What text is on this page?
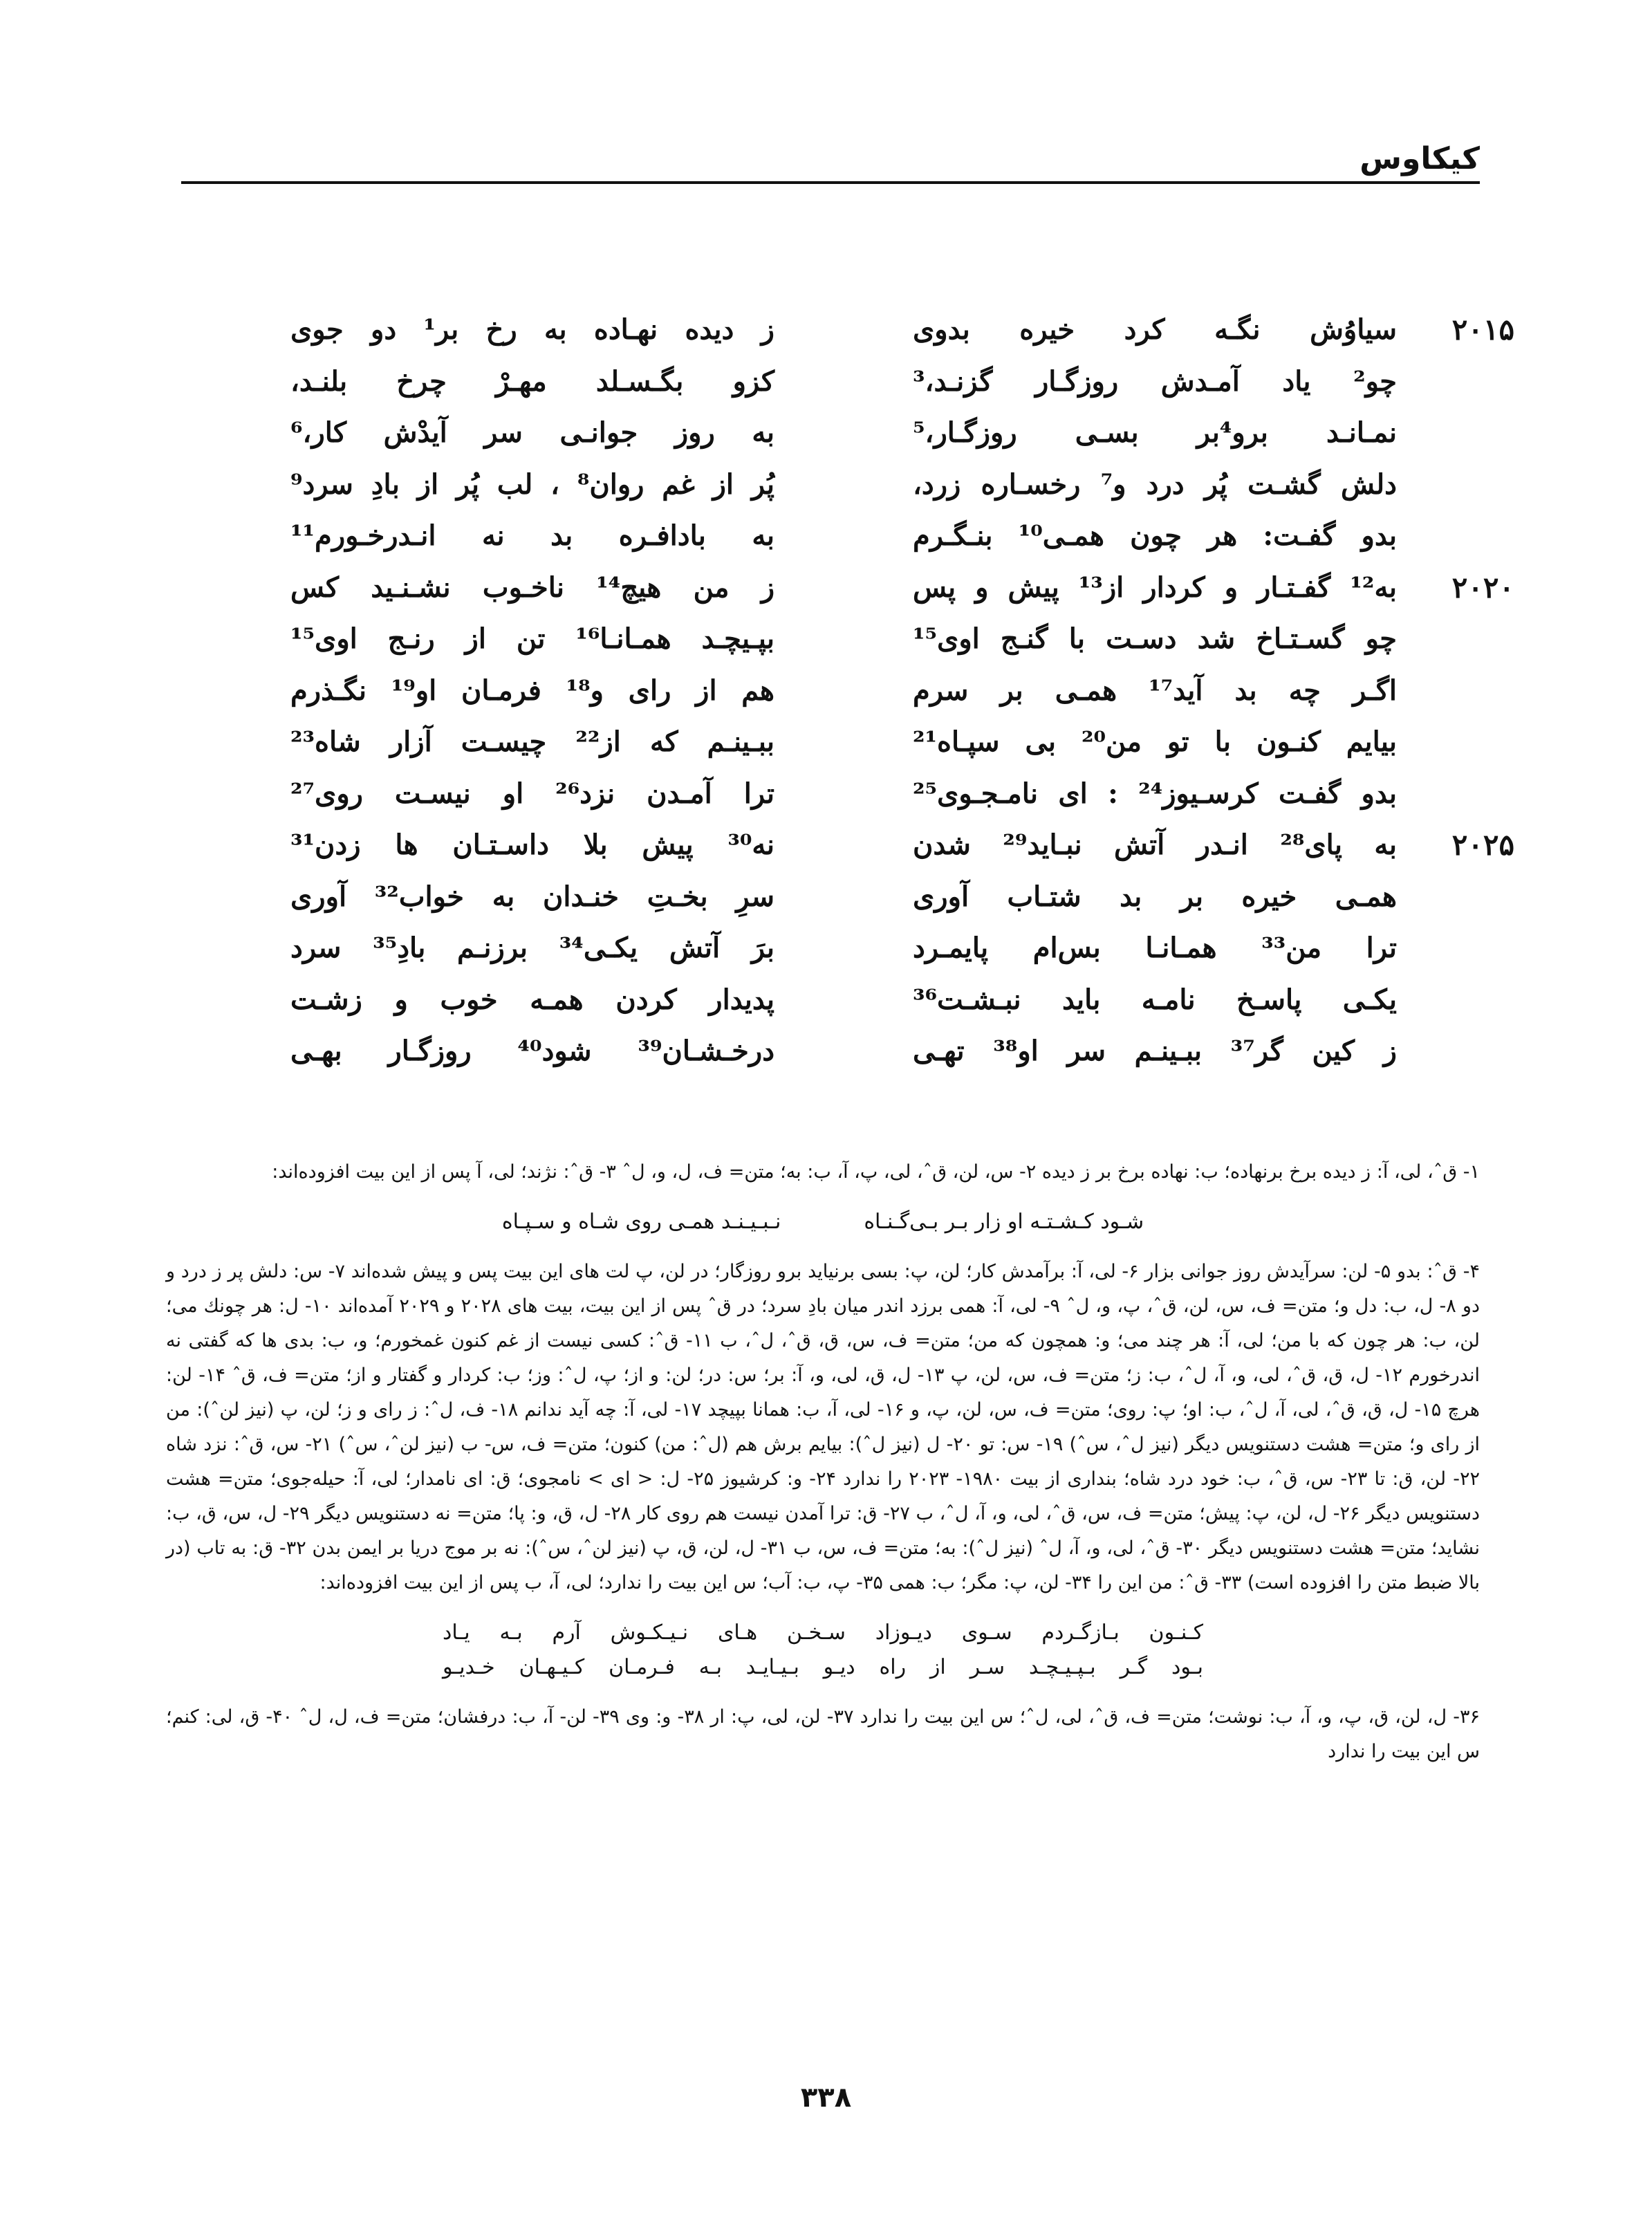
کیکاوس
۲۰۱۵
سیاوُش نگـه کرد خیره بدوی
چو² یاد آمـدش روزگـار گزنـد،³
نمـانـد برو⁴بر بسـی روزگـار،⁵
دلش گشـت پُر درد و⁷ رخسـاره زرد،
بدو گفـت: هر چون همـی¹⁰ بنـگـرم
۲۰۲۰
به¹² گفـتـار و کردار از¹³ پیش و پس
چو گسـتـاخ شد دسـت با گنـج اوی¹⁵
اگـر چه بد آید¹⁷ همـی بر سرم
بیایم کنـون با تو من²⁰ بی سپـاه²¹
بدو گفـت کرسـیوز²⁴ : ای نامـجـوی²⁵
۲۰۲۵
به پای²⁸ انـدر آتش نبـاید²⁹ شدن
همـی خیره بر بد شتـاب آوری
ترا من³³ همـانـا بس‌ام پایمـرد
یکـی پاسـخ نامـه باید نبـشـت³⁶
ز کین گر³⁷ ببـینـم سر او³⁸ تهـی
ز دیده نهـاده به رخ بر¹ دو جوی
کزو بگـسـلد مهـرْ چرخ بلنـد،
به روز جوانـی سر آیدْش کار،⁶
پُر از غم روان⁸ ، لب پُر از بادِ سرد⁹
به بادافـره بد نه انـدرخـورم¹¹
ز من هیچ¹⁴ ناخـوب نشـنـید کس
بپـیچـد همـانـا¹⁶ تن از رنـج اوی¹⁵
هم از رای و¹⁸ فرمـان او¹⁹ نگـذرم
ببـینـم که از²² چیسـت آزار شاه²³
ترا آمـدن نزد²⁶ او نیسـت روی²⁷
نه³⁰ پیش بلا داسـتـان ها زدن³¹
سرِ بخـتِ خنـدان به خواب³² آوری
برَ آتش یکـی³⁴ برزنـم بادِ³⁵ سرد
پدیدار کردن همـه خوب و زشـت
درخـشـان³⁹ شود⁴⁰ روزگـار بهـی

۱- قˆ، لی، آ: ز دیده برخ برنهاده؛ ب: نهاده برخ بر ز دیده ۲- س، لن، قˆ، لی، پ، آ، ب: به؛ متن= ف، ل، و، لˆ ۳- قˆ: نژند؛ لی، آ پس از این بیت افزوده‌اند:

شـود کـشـتـه او زار بـر بـی‌گـنـاه
نـبـیـنـد همـی روی شـاه و سـپـاه

۴- قˆ: بدو ۵- لن: سرآیدش روز جوانی بزار ۶- لی، آ: برآمدش کار؛ لن، پ: بسی برنیاید برو روزگار؛ در لن، پ لت های این بیت پس و پیش شده‌اند ۷- س: دلش پر ز درد و دو ۸- ل، ب: دل و؛ متن= ف، س، لن، قˆ، پ، و، لˆ ۹- لی، آ: همی برزد اندر میان بادِ سرد؛ در قˆ پس از این بیت، بیت های ۲۰۲۸ و ۲۰۲۹ آمده‌اند ۱۰- ل: هر چونك می؛ لن، ب: هر چون که با من؛ لی، آ: هر چند می؛ و: همچون که من؛ متن= ف، س، ق، قˆ، لˆ، ب ۱۱- قˆ: کسی نیست از غم کنون غمخورم؛ و، ب: بدی ها که گفتی نه اندرخورم ۱۲- ل، ق، قˆ، لی، و، آ، لˆ، ب: ز؛ متن= ف، س، لن، پ ۱۳- ل، ق، لی، و، آ: بر؛ س: در؛ لن: و از؛ پ، لˆ: وز؛ ب: کردار و گفتار و از؛ متن= ف، قˆ ۱۴- لن: هرچ ۱۵- ل، ق، قˆ، لی، آ، لˆ، ب: او؛ پ: روی؛ متن= ف، س، لن، پ، و ۱۶- لی، آ، ب: همانا بپیچد ۱۷- لی، آ: چه آید ندانم ۱۸- ف، لˆ: ز رای و ز؛ لن، پ (نیز لنˆ): من از رای و؛ متن= هشت دستنویس دیگر (نیز لˆ، سˆ) ۱۹- س: تو ۲۰- ل (نیز لˆ): بیایم برش هم (لˆ: من) کنون؛ متن= ف، س- ب (نیز لنˆ، سˆ) ۲۱- س، قˆ: نزد شاه ۲۲- لن، ق: تا ۲۳- س، قˆ، ب: خود درد شاه؛ بنداری از بیت ۱۹۸۰- ۲۰۲۳ را ندارد ۲۴- و: کرشیوز ۲۵- ل: < ای > نامجوی؛ ق: ای نامدار؛ لی، آ: حیله‌جوی؛ متن= هشت دستنویس دیگر ۲۶- ل، لن، پ: پیش؛ متن= ف، س، قˆ، لی، و، آ، لˆ، ب ۲۷- ق: ترا آمدن نیست هم روی کار ۲۸- ل، ق، و: پا؛ متن= نه دستنویس دیگر ۲۹- ل، س، ق، ب: نشاید؛ متن= هشت دستنویس دیگر ۳۰- قˆ، لی، و، آ، لˆ (نیز لˆ): به؛ متن= ف، س، ب ۳۱- ل، لن، ق، پ (نیز لنˆ، سˆ): نه بر موج دریا بر ایمن بدن ۳۲- ق: به تاب (در بالا ضبط متن را افزوده است) ۳۳- قˆ: من این را ۳۴- لن، پ: مگر؛ ب: همی ۳۵- پ، ب: آب؛ س این بیت را ندارد؛ لی، آ، ب پس از این بیت افزوده‌اند:

کـنـون بـازگـردم سـوی دیـوزاد سـخـن هـای نـیـکـوش آرم بـه یـاد
بـود گـر بـپـیـچـد سـر از راه دیـو بـیـایـد بـه فـرمـان کـیـهـان خـدیـو

۳۶- ل، لن، ق، پ، و، آ، ب: نوشت؛ متن= ف، قˆ، لی، لˆ؛ س این بیت را ندارد ۳۷- لن، لی، پ: ار ۳۸- و: وی ۳۹- لن- آ، ب: درفشان؛ متن= ف، ل، لˆ ۴۰- ق، لی: کنم؛ س این بیت را ندارد

۳۳۸
